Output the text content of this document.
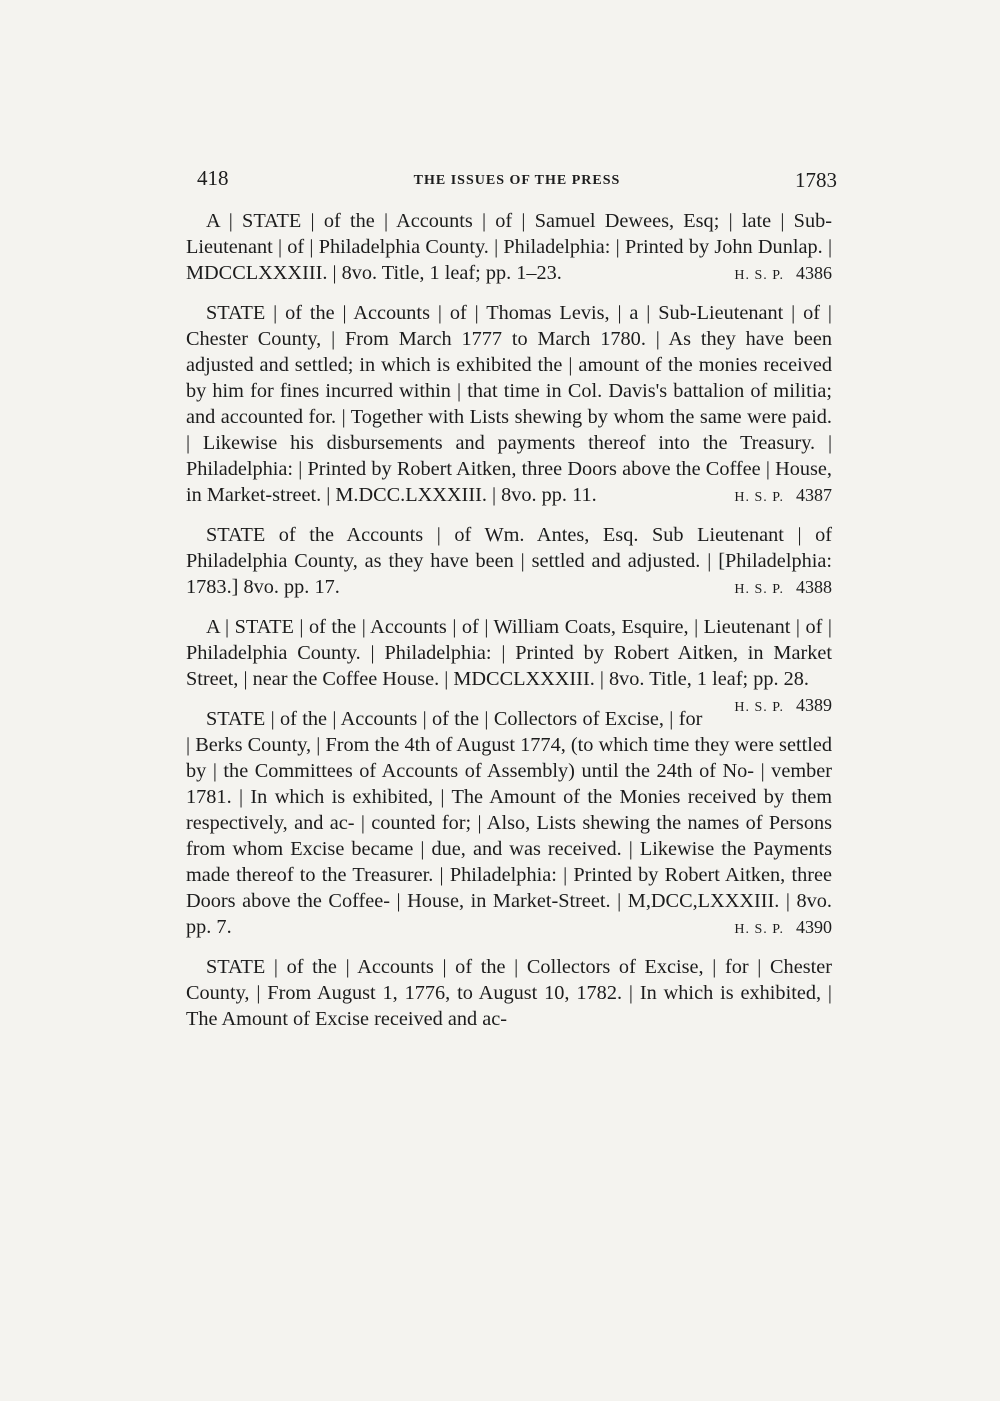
418	THE ISSUES OF THE PRESS	1783

A | STATE | of the | Accounts | of | Samuel Dewees, Esq; | late | Sub-Lieutenant | of | Philadelphia County. | Philadelphia: | Printed by John Dunlap. | MDCCLXXXIII. | 8vo. Title, 1 leaf; pp. 1–23.	H. S. P. 4386

STATE | of the | Accounts | of | Thomas Levis, | a | Sub-Lieutenant | of | Chester County, | From March 1777 to March 1780. | As they have been adjusted and settled; in which is exhibited the | amount of the monies received by him for fines incurred within | that time in Col. Davis's battalion of militia; and accounted for. | Together with Lists shewing by whom the same were paid. | Likewise his disbursements and payments thereof into the Treasury. | Philadelphia: | Printed by Robert Aitken, three Doors above the Coffee | House, in Market-street. | M.DCC.LXXXIII. | 8vo. pp. 11.	H. S. P. 4387

STATE of the Accounts | of Wm. Antes, Esq. Sub Lieutenant | of Philadelphia County, as they have been | settled and adjusted. | [Philadelphia: 1783.] 8vo. pp. 17.	H. S. P. 4388

A | STATE | of the | Accounts | of | William Coats, Esquire, | Lieutenant | of | Philadelphia County. | Philadelphia: | Printed by Robert Aitken, in Market Street, | near the Coffee House. | MDCCLXXXIII. | 8vo. Title, 1 leaf; pp. 28.
H. S. P. 4389

STATE | of the | Accounts | of the | Collectors of Excise, | for | Berks County, | From the 4th of August 1774, (to which time they were settled by | the Committees of Accounts of Assembly) until the 24th of No- | vember 1781. | In which is exhibited, | The Amount of the Monies received by them respectively, and ac- | counted for; | Also, Lists shewing the names of Persons from whom Excise became | due, and was received. | Likewise the Payments made thereof to the Treasurer. | Philadelphia: | Printed by Robert Aitken, three Doors above the Coffee- | House, in Market-Street. | M,DCC,LXXXIII. | 8vo. pp. 7.	H. S. P. 4390

STATE | of the | Accounts | of the | Collectors of Excise, | for | Chester County, | From August 1, 1776, to August 10, 1782. | In which is exhibited, | The Amount of Excise received and ac-
